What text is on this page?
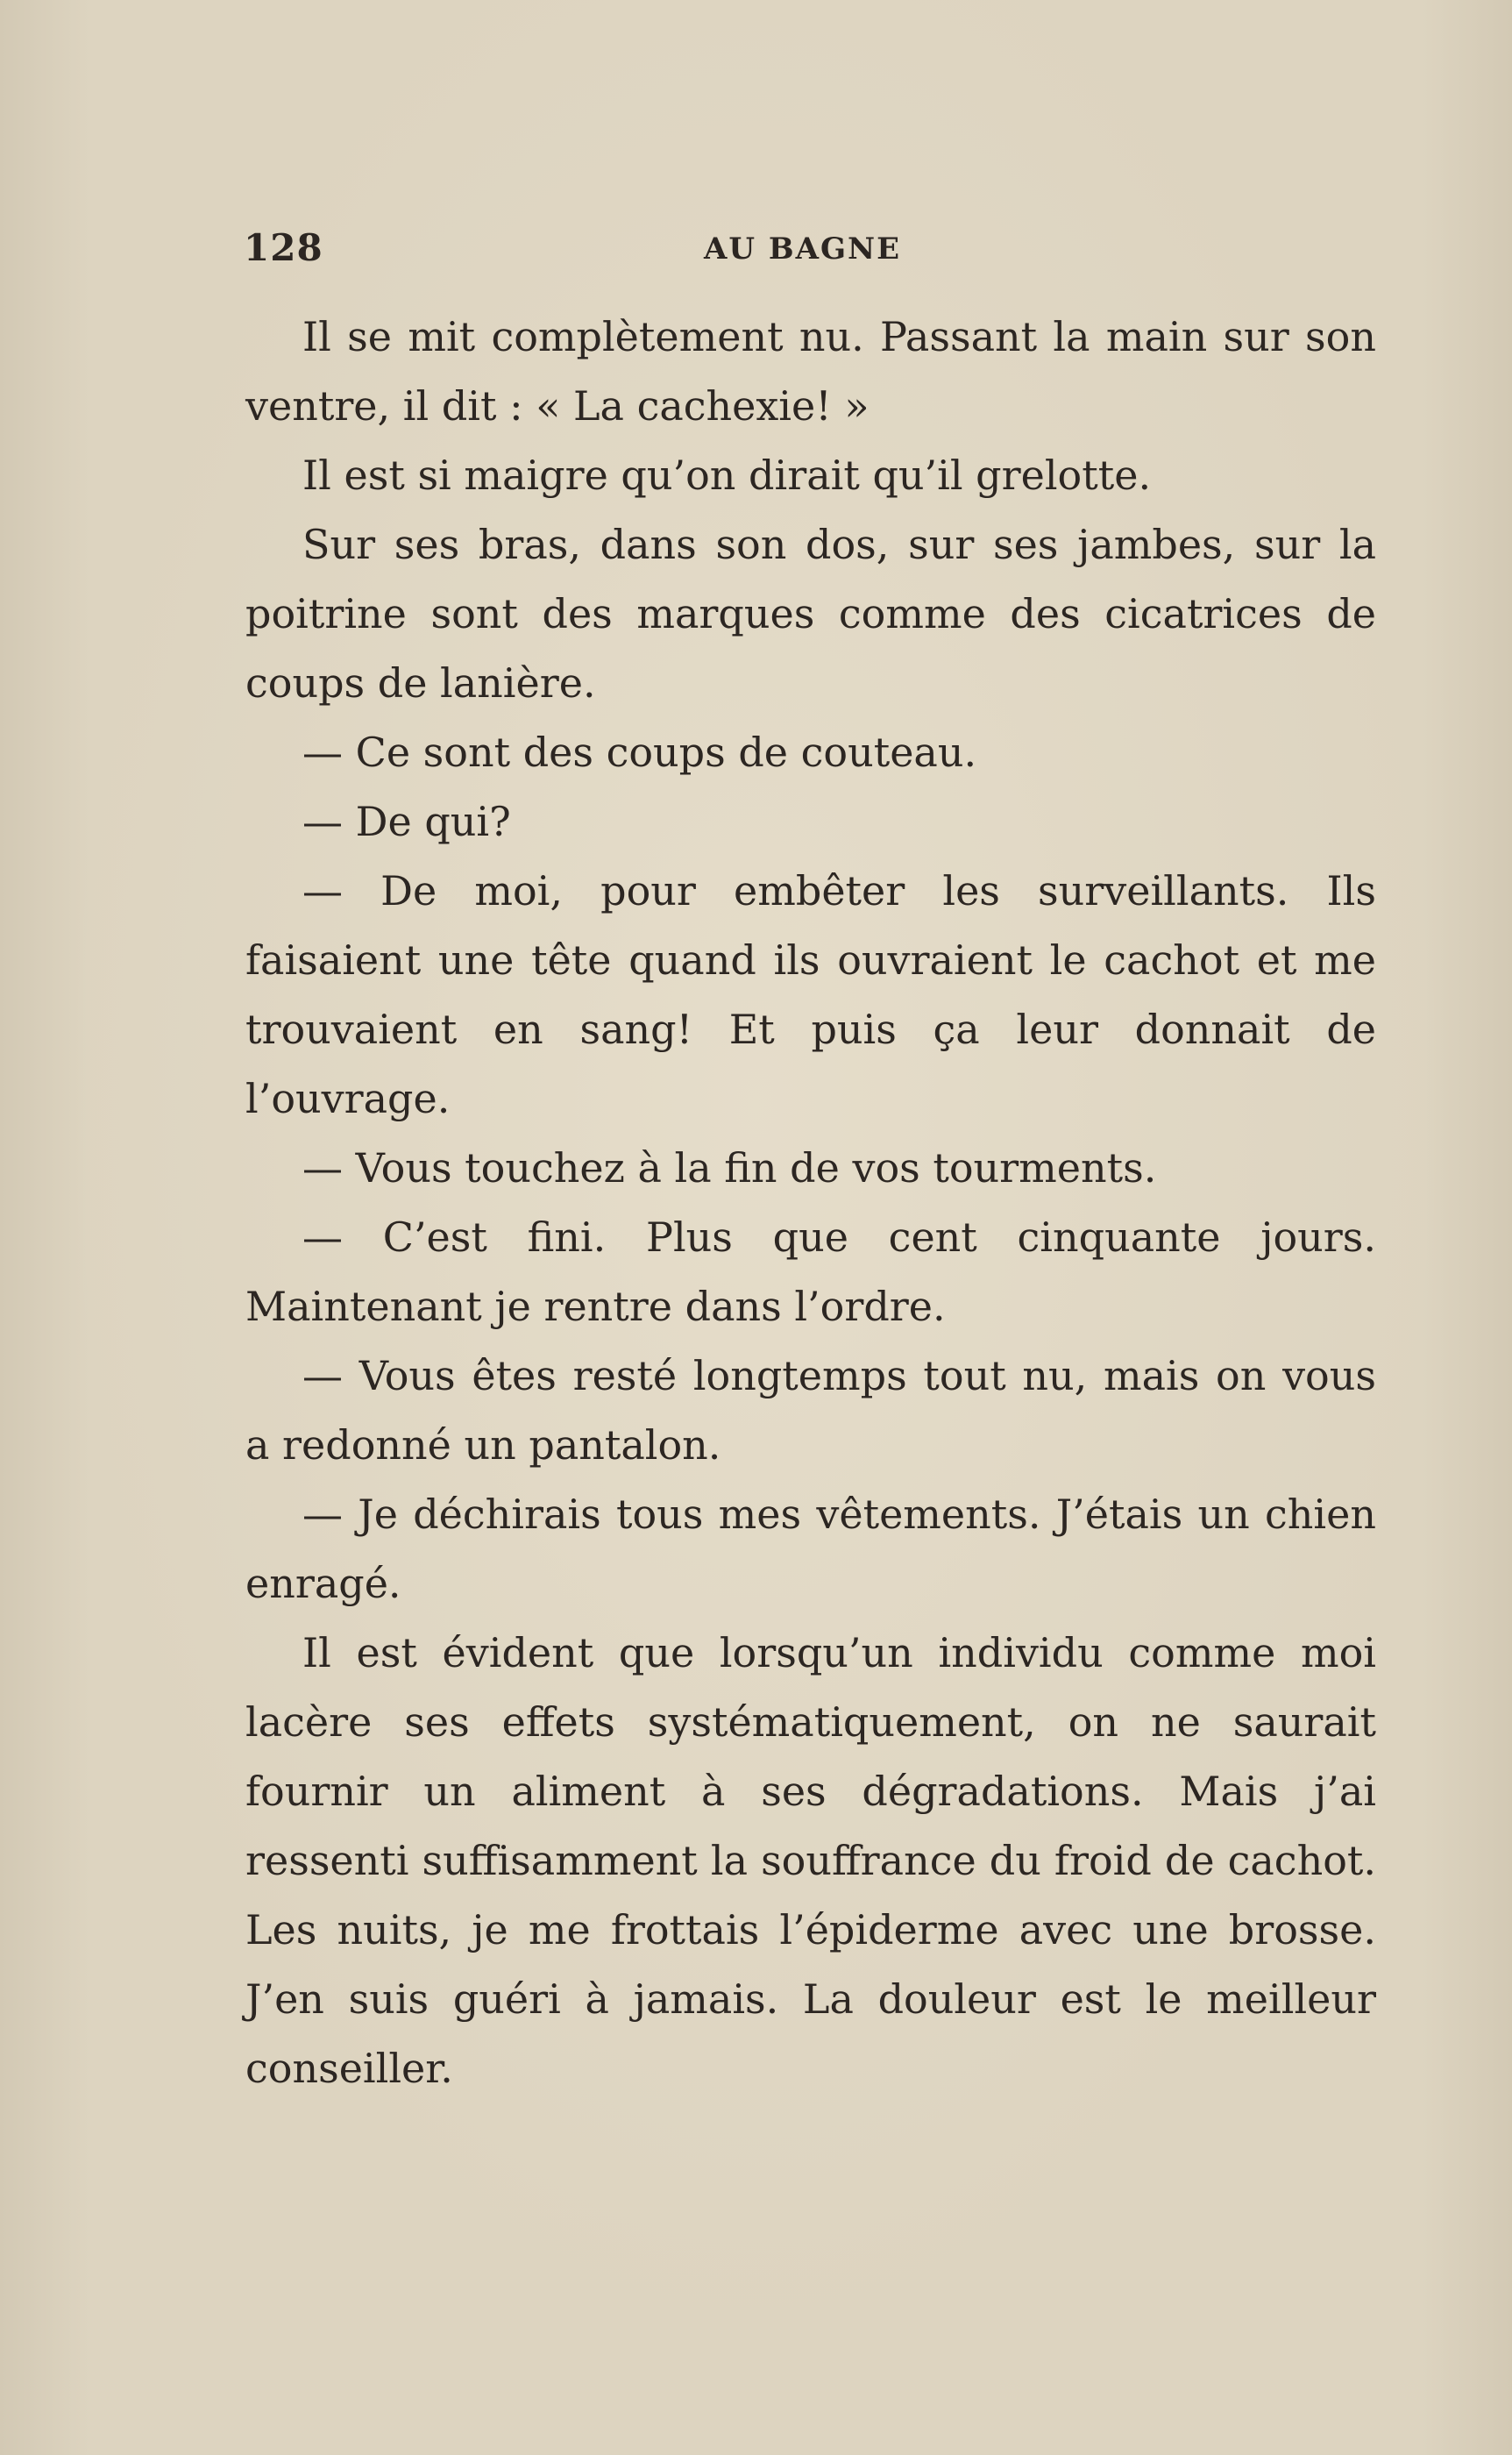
128	AU BAGNE

Il se mit complètement nu. Passant la main sur son ventre, il dit : « La cachexie! »

Il est si maigre qu’on dirait qu’il grelotte.

Sur ses bras, dans son dos, sur ses jambes, sur la poitrine sont des marques comme des cicatrices de coups de lanière.

— Ce sont des coups de couteau.

— De qui?

— De moi, pour embêter les surveillants. Ils faisaient une tête quand ils ouvraient le cachot et me trouvaient en sang! Et puis ça leur donnait de l’ouvrage.

— Vous touchez à la fin de vos tourments.

— C’est fini. Plus que cent cinquante jours. Maintenant je rentre dans l’ordre.

— Vous êtes resté longtemps tout nu, mais on vous a redonné un pantalon.

— Je déchirais tous mes vêtements. J’étais un chien enragé.

Il est évident que lorsqu’un individu comme moi lacère ses effets systématiquement, on ne saurait fournir un aliment à ses dégradations. Mais j’ai ressenti suffisamment la souffrance du froid de cachot. Les nuits, je me frottais l’épiderme avec une brosse. J’en suis guéri à jamais. La douleur est le meilleur conseiller.
